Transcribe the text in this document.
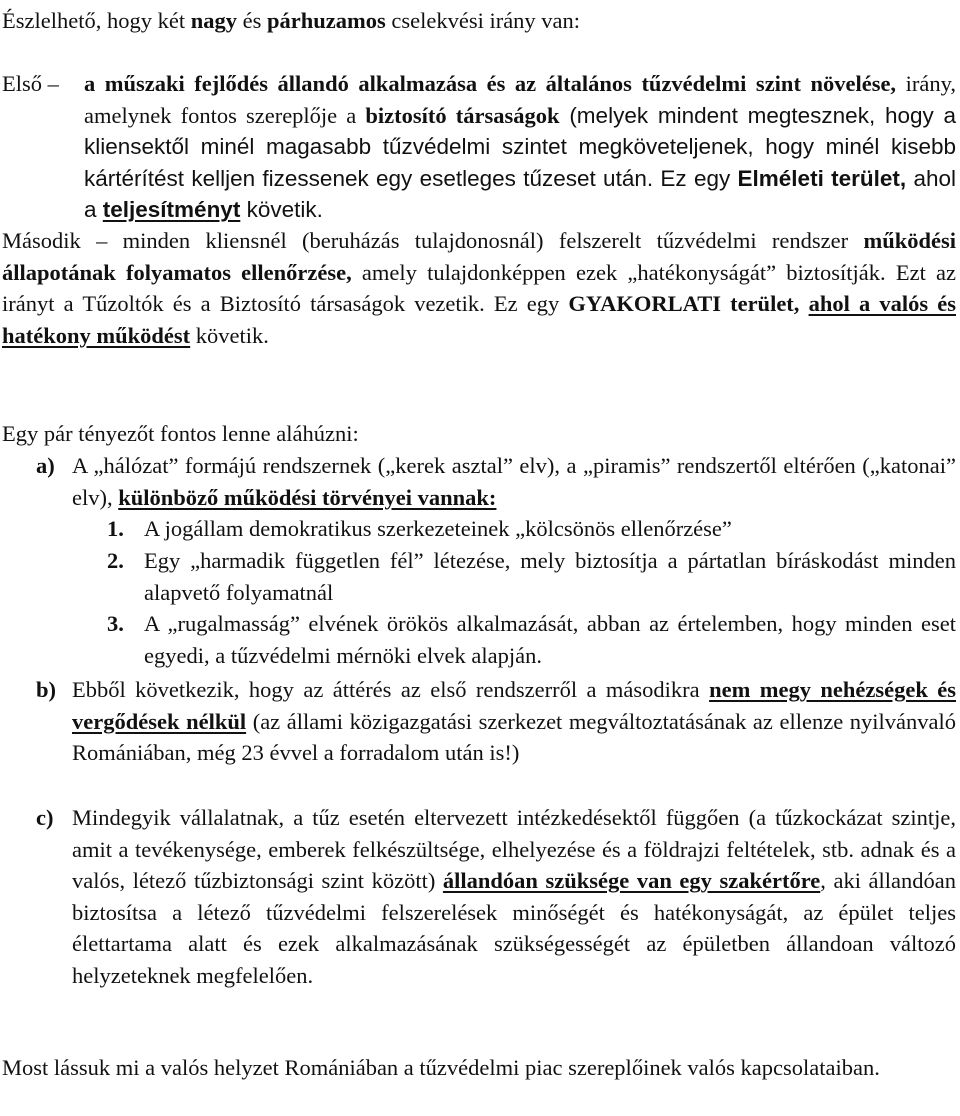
Észlelhető, hogy két nagy és párhuzamos cselekvési irány van:

Első –	a műszaki fejlődés állandó alkalmazása és az általános tűzvédelmi szint növelése, irány, amelynek fontos szereplője a biztosító társaságok (melyek mindent megtesznek, hogy a kliensektől minél magasabb tűzvédelmi szintet megköveteljenek, hogy minél kisebb kártérítést kelljen fizessenek egy esetleges tűzeset után. Ez egy Elméleti terület, ahol a teljesítményt követik.

Második – minden kliensnél (beruházás tulajdonosnál) felszerelt tűzvédelmi rendszer működési állapotának folyamatos ellenőrzése, amely tulajdonképpen ezek „hatékonyságát” biztosítják. Ezt az irányt a Tűzoltók és a Biztosító társaságok vezetik. Ez egy GYAKORLATI terület, ahol a valós és hatékony működést követik.

Egy pár tényezőt fontos lenne aláhúzni:

a) A „hálózat” formájú rendszernek („kerek asztal” elv), a „piramis” rendszertől eltérően („katonai” elv), különböző működési törvényei vannak:

1. A jogállam demokratikus szerkezeteinek „kölcsönös ellenőrzése”

2. Egy „harmadik független fél” létezése, mely biztosítja a pártatlan bíráskodást minden alapvető folyamatnál

3. A „rugalmasság” elvének örökös alkalmazását, abban az értelemben, hogy minden eset egyedi, a tűzvédelmi mérnöki elvek alapján.

b) Ebből következik, hogy az áttérés az első rendszerről a másodikra nem megy nehézségek és vergődések nélkül (az állami közigazgatási szerkezet megváltoztatásának az ellenze nyilvánvaló Romániában, még 23 évvel a forradalom után is!)

c) Mindegyik vállalatnak, a tűz esetén eltervezett intézkedésektől függően (a tűzkockázat szintje, amit a tevékenysége, emberek felkészültsége, elhelyezése és a földrajzi feltételek, stb. adnak és a valós, létező tűzbiztonsági szint között) állandóan szüksége van egy szakértőre, aki állandóan biztosítsa a létező tűzvédelmi felszerelések minőségét és hatékonyságát, az épület teljes élettartama alatt és ezek alkalmazásának szükségességét az épületben állandoan változó helyzeteknek megfelelően.

Most lássuk mi a valós helyzet Romániában a tűzvédelmi piac szereplőinek valós kapcsolataiban.
